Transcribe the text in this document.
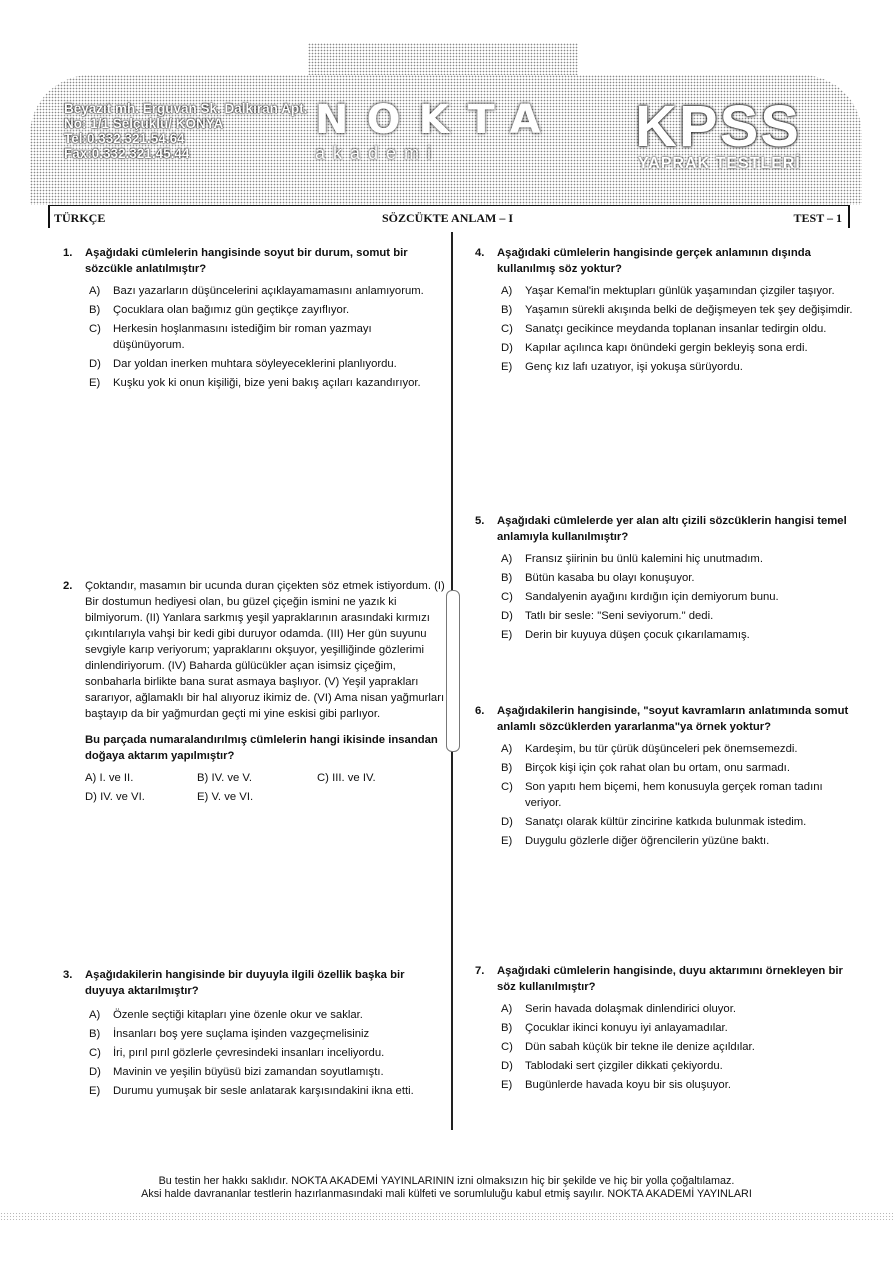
Beyazıt mh. Erguvan Sk. Dalkıran Apt.
No: 1/1 Selçuklu/ KONYA
Tel:0.332.321.54.64
Fax:0.332.321.45.44
NOKTA
akademi	KPSS
YAPRAK TESTLERİ
TÜRKÇE	SÖZCÜKTE ANLAM – I	TEST – 1
1. Aşağıdaki cümlelerin hangisinde soyut bir durum, somut bir sözcükle anlatılmıştır?
A) Bazı yazarların düşüncelerini açıklayamamasını anlamıyorum.
B) Çocuklara olan bağımız gün geçtikçe zayıflıyor.
C) Herkesin hoşlanmasını istediğim bir roman yazmayı düşünüyorum.
D) Dar yoldan inerken muhtara söyleyeceklerini planlıyordu.
E) Kuşku yok ki onun kişiliği, bize yeni bakış açıları kazandırıyor.
2. Çoktandır, masamın bir ucunda duran çiçekten söz etmek istiyordum. (I) Bir dostumun hediyesi olan, bu güzel çiçeğin ismini ne yazık ki bilmiyorum. (II) Yanlara sarkmış yeşil yapraklarının arasındaki kırmızı çıkıntılarıyla vahşi bir kedi gibi duruyor odamda. (III) Her gün suyunu sevgiyle karıp veriyorum; yapraklarını okşuyor, yeşilliğinde gözlerimi dinlendiriyorum. (IV) Baharda gülücükler açan isimsiz çiçeğim, sonbaharla birlikte bana surat asmaya başlıyor. (V) Yeşil yaprakları sararıyor, ağlamaklı bir hal alıyoruz ikimiz de. (VI) Ama nisan yağmurları baştayıp da bir yağmurdan geçti mi yine eskisi gibi parlıyor.
Bu parçada numaralandırılmış cümlelerin hangi ikisinde insandan doğaya aktarım yapılmıştır?
A) I. ve II.	B) IV. ve V.	C) III. ve IV.
D) IV. ve VI.	E) V. ve VI.
3. Aşağıdakilerin hangisinde bir duyuyla ilgili özellik başka bir duyuya aktarılmıştır?
A) Özenle seçtiği kitapları yine özenle okur ve saklar.
B) İnsanları boş yere suçlama işinden vazgeçmelisiniz
C) İri, pırıl pırıl gözlerle çevresindeki insanları inceliyordu.
D) Mavinin ve yeşilin büyüsü bizi zamandan soyutlamıştı.
E) Durumu yumuşak bir sesle anlatarak karşısındakini ikna etti.
4. Aşağıdaki cümlelerin hangisinde gerçek anlamının dışında kullanılmış söz yoktur?
A) Yaşar Kemal'in mektupları günlük yaşamından çizgiler taşıyor.
B) Yaşamın sürekli akışında belki de değişmeyen tek şey değişimdir.
C) Sanatçı gecikince meydanda toplanan insanlar tedirgin oldu.
D) Kapılar açılınca kapı önündeki gergin bekleyiş sona erdi.
E) Genç kız lafı uzatıyor, işi yokuşa sürüyordu.
5. Aşağıdaki cümlelerde yer alan altı çizili sözcüklerin hangisi temel anlamıyla kullanılmıştır?
A) Fransız şiirinin bu ünlü kalemini hiç unutmadım.
B) Bütün kasaba bu olayı konuşuyor.
C) Sandalyenin ayağını kırdığın için demiyorum bunu.
D) Tatlı bir sesle: "Seni seviyorum." dedi.
E) Derin bir kuyuya düşen çocuk çıkarılamamış.
6. Aşağıdakilerin hangisinde, "soyut kavramların anlatımında somut anlamlı sözcüklerden yararlanma"ya örnek yoktur?
A) Kardeşim, bu tür çürük düşünceleri pek önemsemezdi.
B) Birçok kişi için çok rahat olan bu ortam, onu sarmadı.
C) Son yapıtı hem biçemi, hem konusuyla gerçek roman tadını veriyor.
D) Sanatçı olarak kültür zincirine katkıda bulunmak istedim.
E) Duygulu gözlerle diğer öğrencilerin yüzüne baktı.
7. Aşağıdaki cümlelerin hangisinde, duyu aktarımını örnekleyen bir söz kullanılmıştır?
A) Serin havada dolaşmak dinlendirici oluyor.
B) Çocuklar ikinci konuyu iyi anlayamadılar.
C) Dün sabah küçük bir tekne ile denize açıldılar.
D) Tablodaki sert çizgiler dikkati çekiyordu.
E) Bugünlerde havada koyu bir sis oluşuyor.
Bu testin her hakkı saklıdır. NOKTA AKADEMİ YAYINLARININ izni olmaksızın hiç bir şekilde ve hiç bir yolla çoğaltılamaz.
Aksi halde davrananlar testlerin hazırlanmasındaki mali külfeti ve sorumluluğu kabul etmiş sayılır. NOKTA AKADEMİ YAYINLARI
